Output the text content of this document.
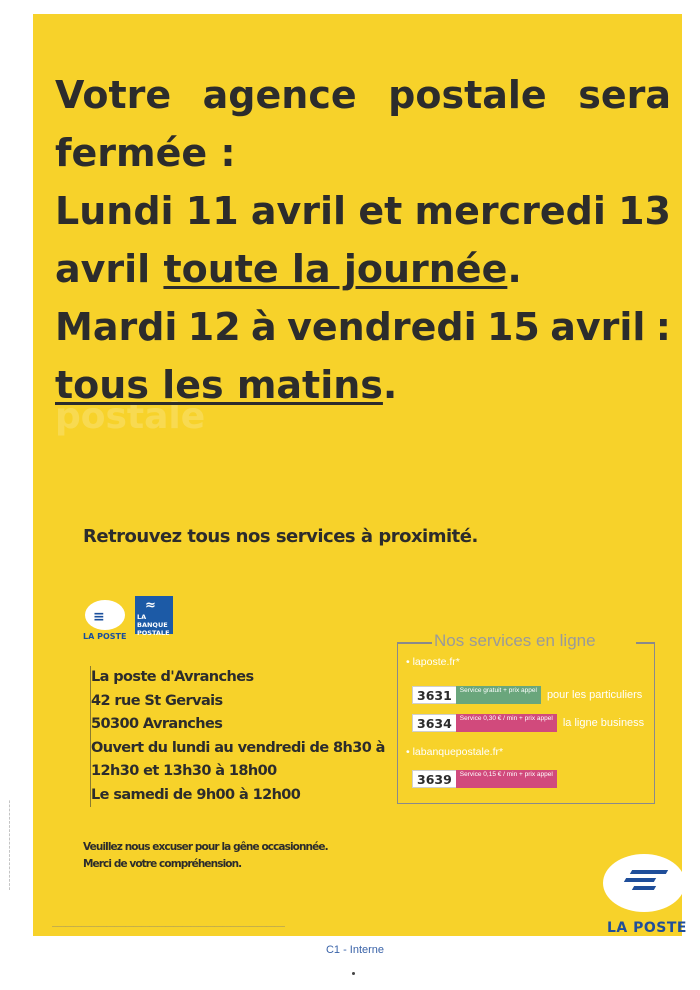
postale
Votre agence postale sera
fermée :
Lundi 11 avril et mercredi 13
avril toute la journée.
Mardi 12 à vendredi 15 avril :
tous les matins.
Retrouvez tous nos services à proximité.
≡
LA POSTE
≈
LA
BANQUE
POSTALE
La poste d'Avranches
42 rue St Gervais
50300 Avranches
Ouvert du lundi au vendredi de 8h30 à
12h30 et 13h30 à 18h00
Le samedi de 9h00 à 12h00
Nos services en ligne
• laposte.fr*
3631	Service gratuit + prix appel pour les particuliers
3634	Service 0,30 € / min + prix appel la ligne business
• labanquepostale.fr*
3639	Service 0,15 € / min + prix appel
Veuillez nous excuser pour la gêne occasionnée.
Merci de votre compréhension.
LA POSTE
─ ─ ─ ─ ─ ─ ─ ─ ─ ─ ─ ─ ─ ─ ─ ─ ─ ─ ─ ─ ─ ─
──────────────────────────────────────────────────────────────────────────────────────
C1 - Interne
